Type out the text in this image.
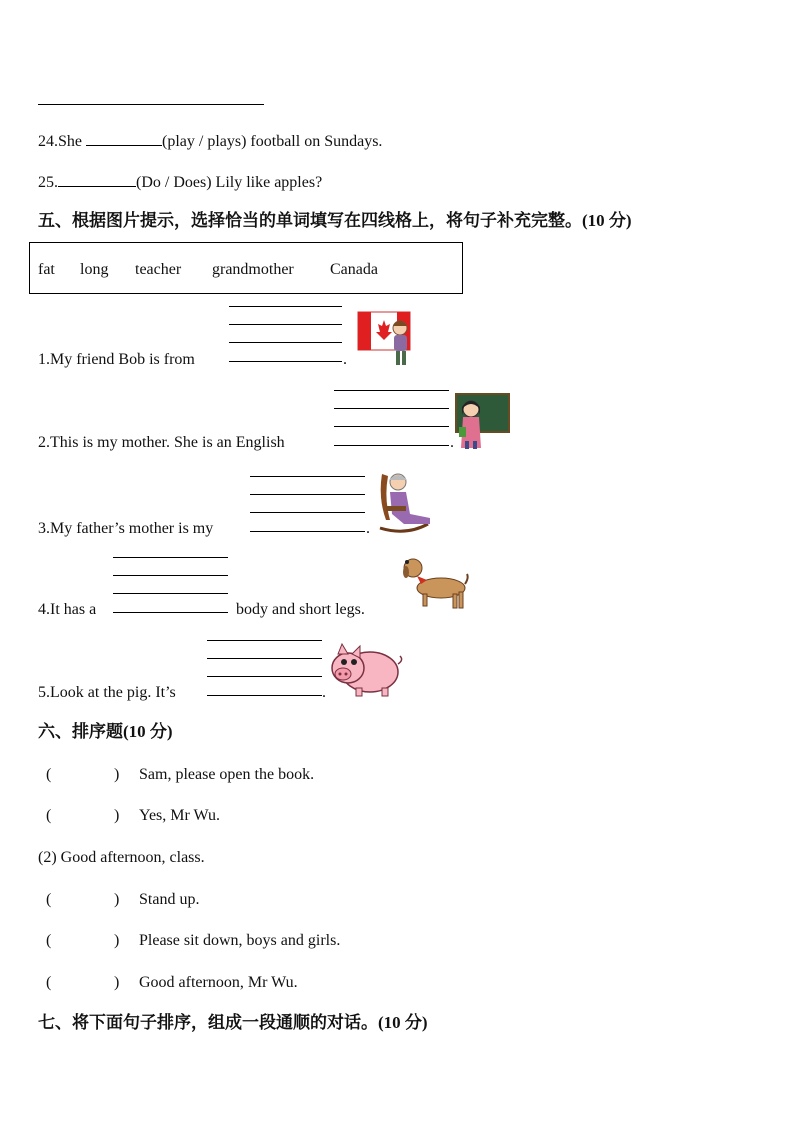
24.She	(play / plays) football on Sundays.
25.	(Do / Does) Lily like apples?
五、根据图片提示，选择恰当的单词填写在四线格上，将句子补充完整。(10 分)
fat long teacher grandmother Canada
1.My friend Bob is from	.
2.This is my mother. She is an English	.
3.My father’s mother is my	.
4.It has a	body and short legs.
5.Look at the pig. It’s	.
六、排序题(10 分)
(	) Sam, please open the book.
(	) Yes, Mr Wu.
(2) Good afternoon, class.
(	) Stand up.
(	) Please sit down, boys and girls.
(	) Good afternoon, Mr Wu.
七、将下面句子排序，组成一段通顺的对话。(10 分)
